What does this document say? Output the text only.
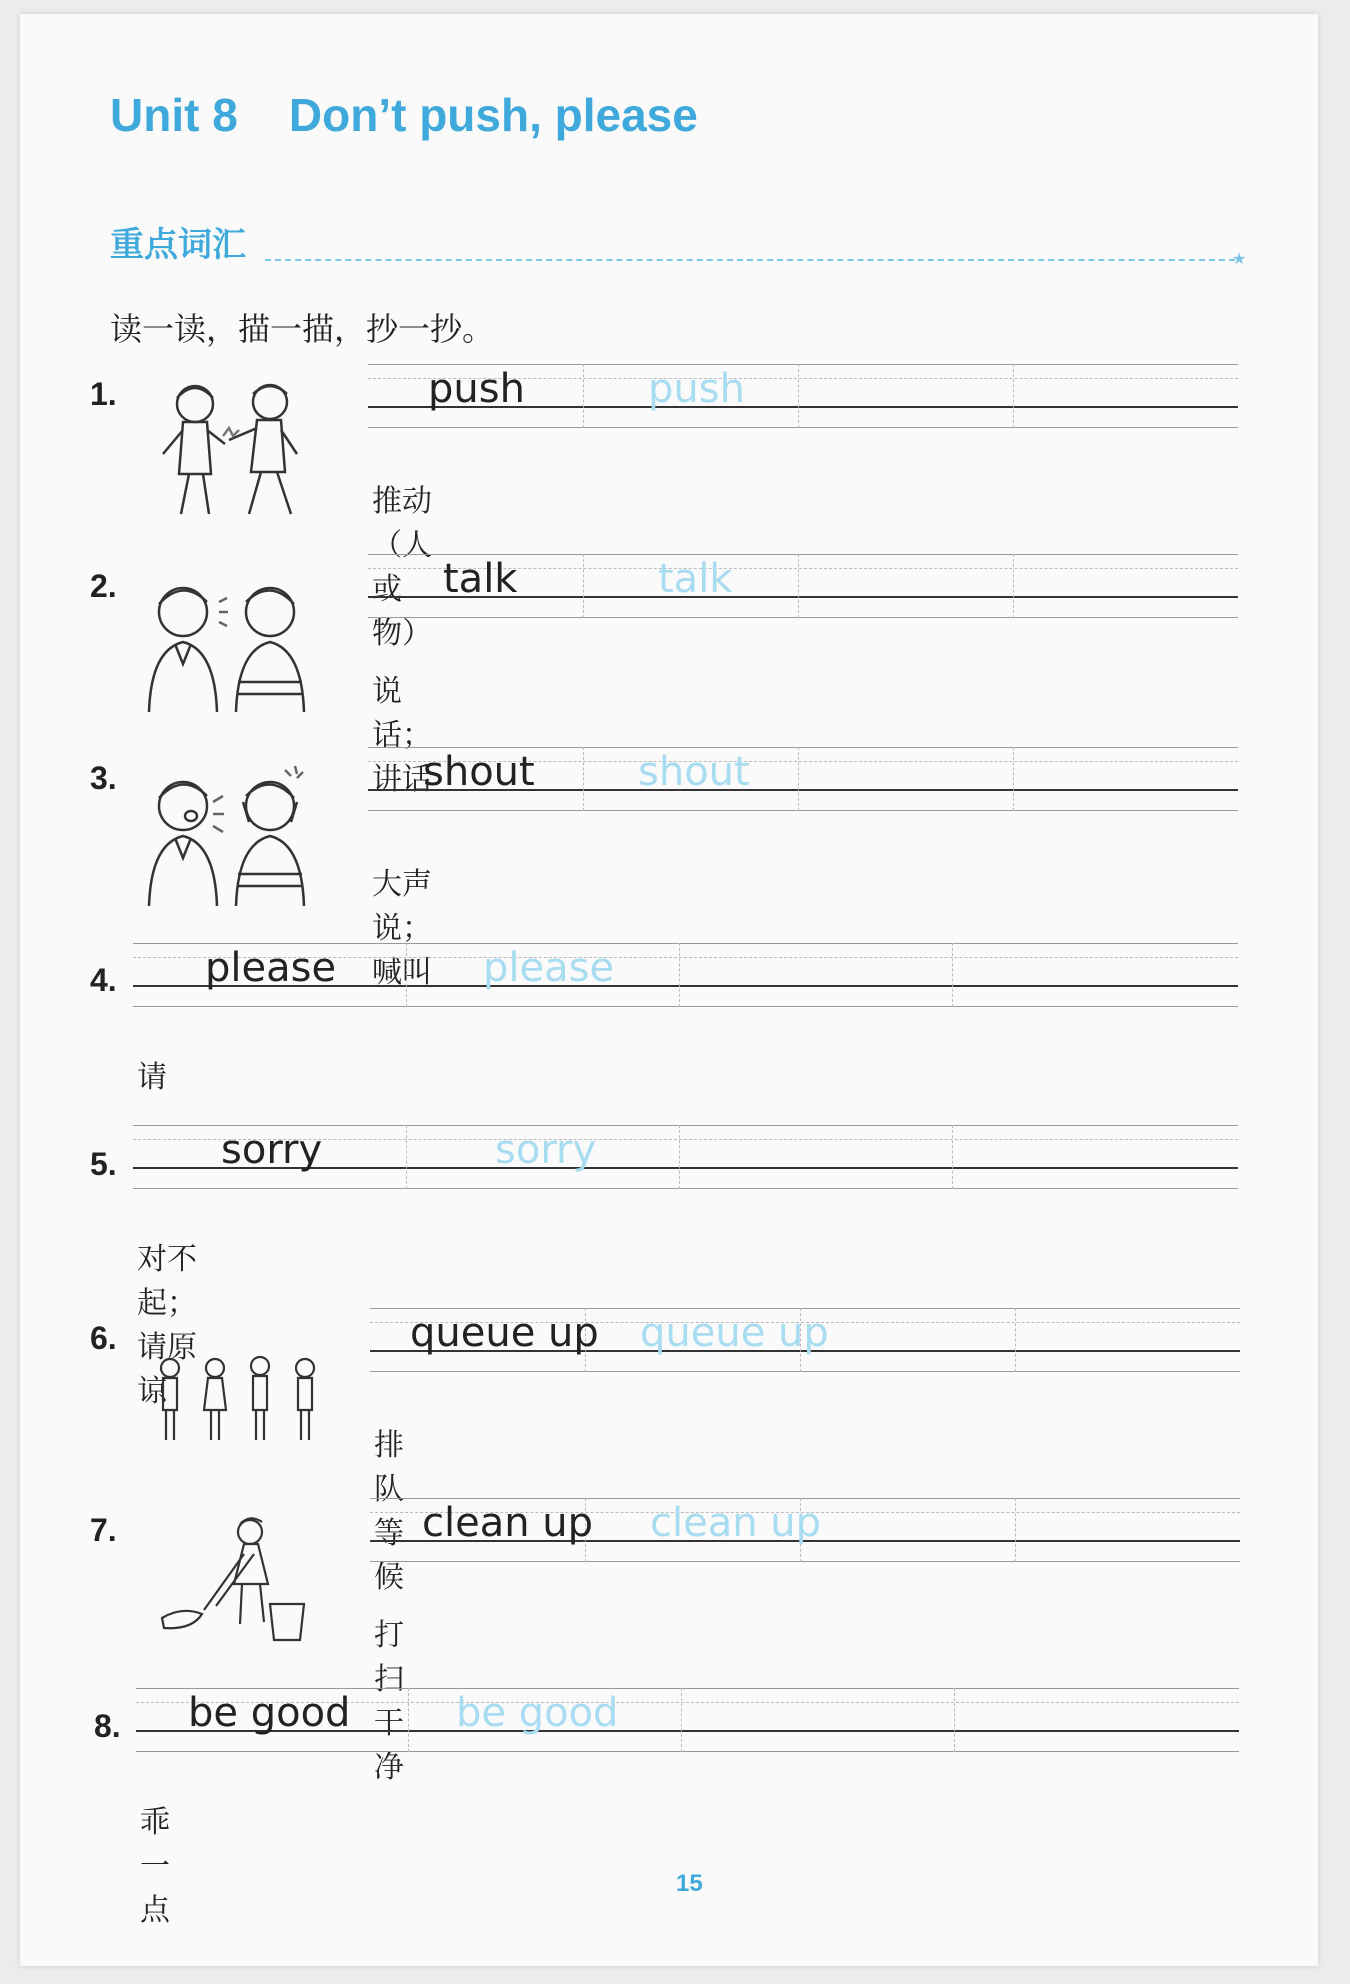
Unit 8    Don’t push, please
重点词汇	★

读一读，描一描，抄一抄。

1.	push	push
推动（人或物）
2.	talk	talk
说话；讲话
3.	shout	shout
大声说；喊叫
4. please	please
请
5.	sorry	sorry
对不起；请原谅
6.	queue up queue up
排队等候
7.	clean up clean up
打扫干净
8. be good	be good
乖一点
15
